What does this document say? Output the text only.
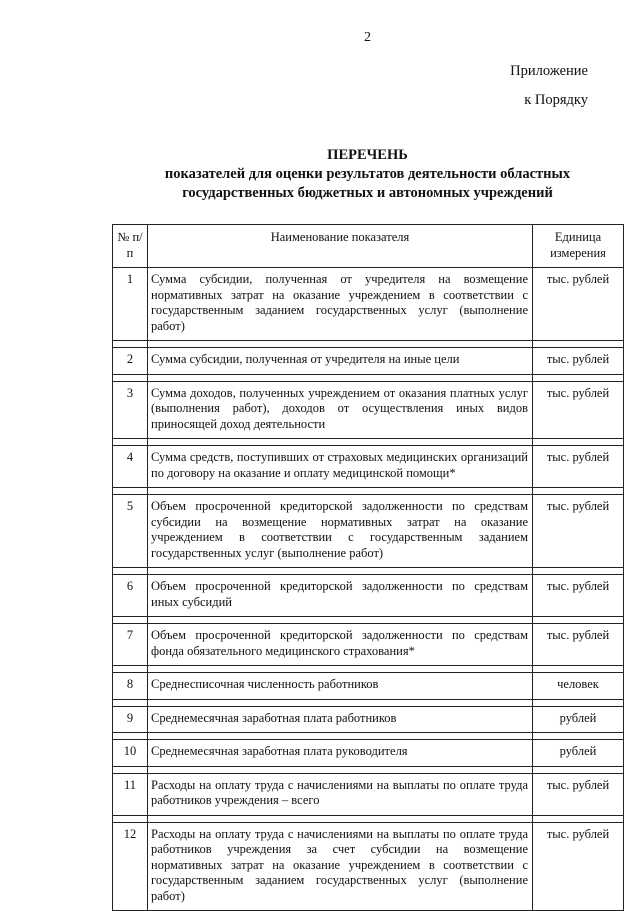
2
Приложение
к Порядку
ПЕРЕЧЕНЬ
показателей для оценки результатов деятельности областных
государственных бюджетных и автономных учреждений
№ п/п	Наименование показателя	Единица измерения
1	Сумма субсидии, полученная от учредителя на возмещение нормативных затрат на оказание учреждением в соответствии с государственным заданием государственных услуг (выполнение работ)	тыс. рублей

2	Сумма субсидии, полученная от учредителя на иные цели	тыс. рублей

3	Сумма доходов, полученных учреждением от оказания платных услуг (выполнения работ), доходов от осуществления иных видов приносящей доход деятельности	тыс. рублей

4	Сумма средств, поступивших от страховых медицинских организаций по договору на оказание и оплату медицинской помощи*	тыс. рублей

5	Объем просроченной кредиторской задолженности по средствам субсидии на возмещение нормативных затрат на оказание учреждением в соответствии с государственным заданием государственных услуг (выполнение работ)	тыс. рублей

6	Объем просроченной кредиторской задолженности по средствам иных субсидий	тыс. рублей

7	Объем просроченной кредиторской задолженности по средствам фонда обязательного медицинского страхования*	тыс. рублей

8	Среднесписочная численность работников	человек

9	Среднемесячная заработная плата работников	рублей

10	Среднемесячная заработная плата руководителя	рублей

11	Расходы на оплату труда с начислениями на выплаты по оплате труда работников учреждения – всего	тыс. рублей

12	Расходы на оплату труда с начислениями на выплаты по оплате труда работников учреждения за счет субсидии на возмещение нормативных затрат на оказание учреждением в соответствии с государственным заданием государственных услуг (выполнение работ)	тыс. рублей
